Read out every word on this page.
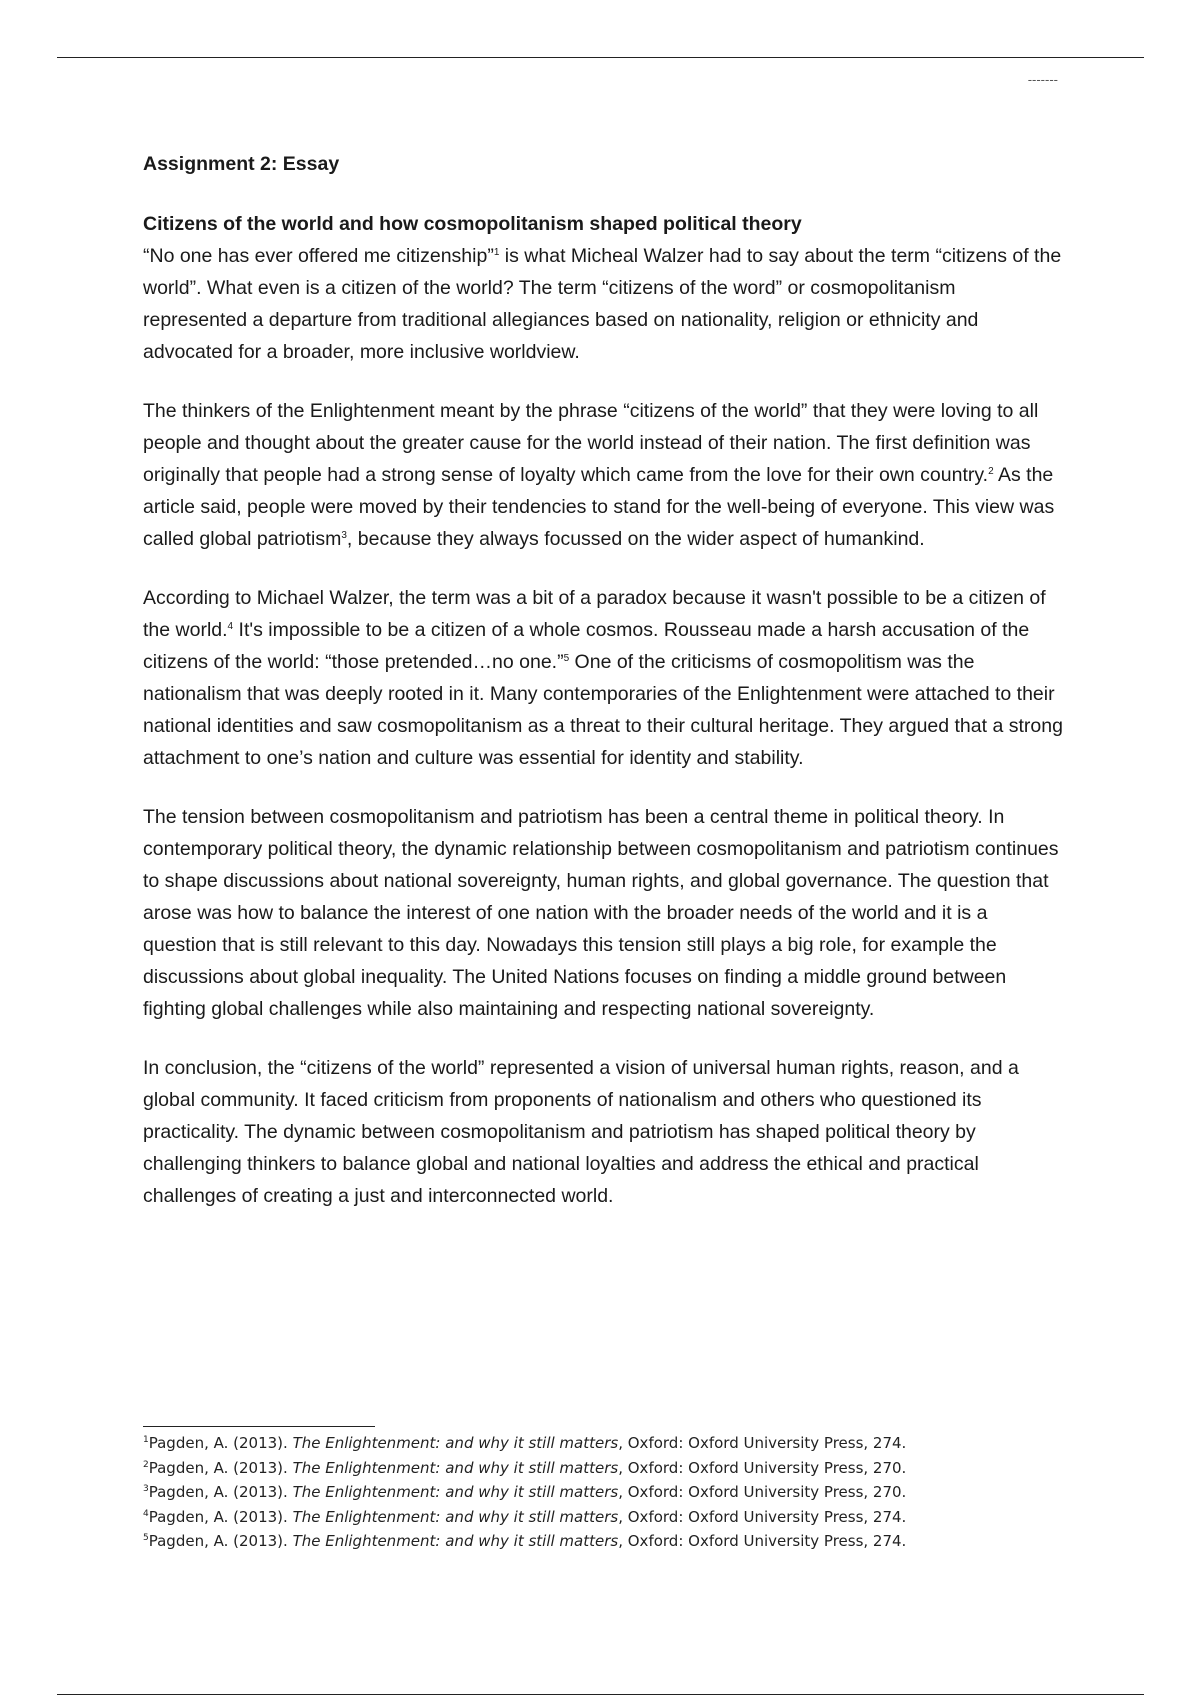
-------

Assignment 2: Essay

Citizens of the world and how cosmopolitanism shaped political theory

“No one has ever offered me citizenship”$^1$ is what Micheal Walzer had to say about the term “citizens of the world”. What even is a citizen of the world? The term “citizens of the word” or cosmopolitanism represented a departure from traditional allegiances based on nationality, religion or ethnicity and advocated for a broader, more inclusive worldview.

The thinkers of the Enlightenment meant by the phrase “citizens of the world” that they were loving to all people and thought about the greater cause for the world instead of their nation. The first definition was originally that people had a strong sense of loyalty which came from the love for their own country.$^2$ As the article said, people were moved by their tendencies to stand for the well-being of everyone. This view was called global patriotism$^3$, because they always focussed on the wider aspect of humankind.

According to Michael Walzer, the term was a bit of a paradox because it wasn't possible to be a citizen of the world.$^4$ It's impossible to be a citizen of a whole cosmos. Rousseau made a harsh accusation of the citizens of the world: “those pretended…no one.”$^5$ One of the criticisms of cosmopolitism was the nationalism that was deeply rooted in it. Many contemporaries of the Enlightenment were attached to their national identities and saw cosmopolitanism as a threat to their cultural heritage. They argued that a strong attachment to one’s nation and culture was essential for identity and stability.

The tension between cosmopolitanism and patriotism has been a central theme in political theory. In contemporary political theory, the dynamic relationship between cosmopolitanism and patriotism continues to shape discussions about national sovereignty, human rights, and global governance. The question that arose was how to balance the interest of one nation with the broader needs of the world and it is a question that is still relevant to this day. Nowadays this tension still plays a big role, for example the discussions about global inequality. The United Nations focuses on finding a middle ground between fighting global challenges while also maintaining and respecting national sovereignty.

In conclusion, the “citizens of the world” represented a vision of universal human rights, reason, and a global community. It faced criticism from proponents of nationalism and others who questioned its practicality. The dynamic between cosmopolitanism and patriotism has shaped political theory by challenging thinkers to balance global and national loyalties and address the ethical and practical challenges of creating a just and interconnected world.

$^1$Pagden, A. (2013). The Enlightenment: and why it still matters, Oxford: Oxford University Press, 274.

$^2$Pagden, A. (2013). The Enlightenment: and why it still matters, Oxford: Oxford University Press, 270.

$^3$Pagden, A. (2013). The Enlightenment: and why it still matters, Oxford: Oxford University Press, 270.

$^4$Pagden, A. (2013). The Enlightenment: and why it still matters, Oxford: Oxford University Press, 274.

$^5$Pagden, A. (2013). The Enlightenment: and why it still matters, Oxford: Oxford University Press, 274.
